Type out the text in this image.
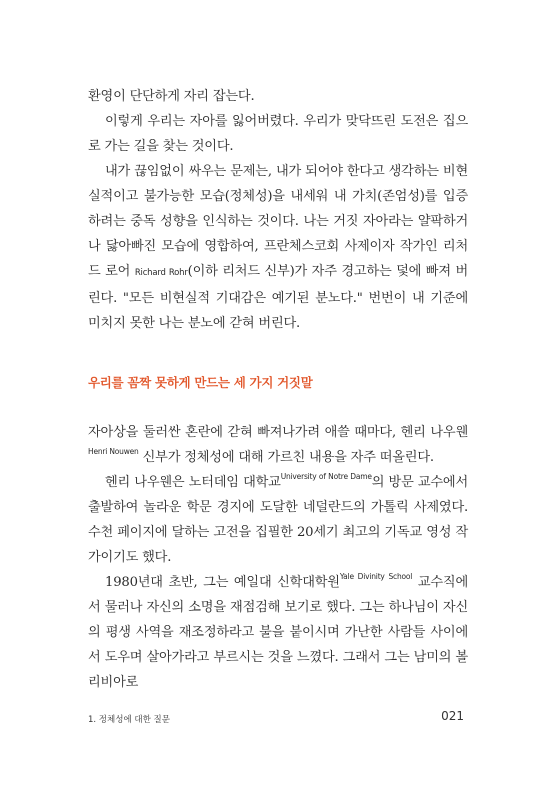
환영이 단단하게 자리 잡는다.

이렇게 우리는 자아를 잃어버렸다. 우리가 맞닥뜨린 도전은 집으로 가는 길을 찾는 것이다.

내가 끊임없이 싸우는 문제는, 내가 되어야 한다고 생각하는 비현실적이고 불가능한 모습(정체성)을 내세워 내 가치(존엄성)를 입증하려는 중독 성향을 인식하는 것이다. 나는 거짓 자아라는 얄팍하거나 닳아빠진 모습에 영합하여, 프란체스코회 사제이자 작가인 리처드 로어 Richard Rohr(이하 리처드 신부)가 자주 경고하는 덫에 빠져 버린다. "모든 비현실적 기대감은 예기된 분노다." 번번이 내 기준에 미치지 못한 나는 분노에 갇혀 버린다.

우리를 꼼짝 못하게 만드는 세 가지 거짓말

자아상을 둘러싼 혼란에 갇혀 빠져나가려 애쓸 때마다, 헨리 나우웬$^{Henri Nouwen}$ 신부가 정체성에 대해 가르친 내용을 자주 떠올린다.

헨리 나우웬은 노터데임 대학교$^{University of Notre Dame}$의 방문 교수에서 출발하여 놀라운 학문 경지에 도달한 네덜란드의 가톨릭 사제였다. 수천 페이지에 달하는 고전을 집필한 20세기 최고의 기독교 영성 작가이기도 했다.

1980년대 초반, 그는 예일대 신학대학원$^{Yale Divinity School}$ 교수직에서 물러나 자신의 소명을 재점검해 보기로 했다. 그는 하나님이 자신의 평생 사역을 재조정하라고 불을 붙이시며 가난한 사람들 사이에서 도우며 살아가라고 부르시는 것을 느꼈다. 그래서 그는 남미의 볼리비아로

1. 정체성에 대한 질문	021
